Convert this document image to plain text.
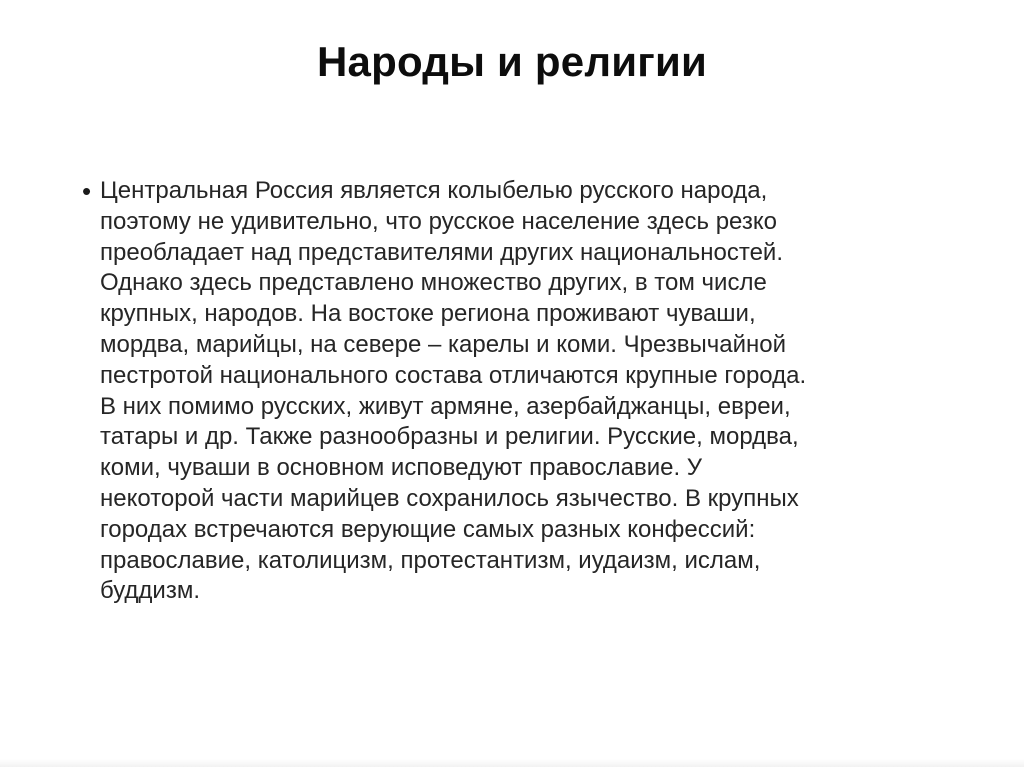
Народы и религии
• Центральная Россия является колыбелью русского народа,
поэтому не удивительно, что русское население здесь резко
преобладает над представителями других национальностей.
Однако здесь представлено множество других, в том числе
крупных, народов. На востоке региона проживают чуваши,
мордва, марийцы, на севере – карелы и коми. Чрезвычайной
пестротой национального состава отличаются крупные города.
В них помимо русских, живут армяне, азербайджанцы, евреи,
татары и др. Также разнообразны и религии. Русские, мордва,
коми, чуваши в основном исповедуют православие. У
некоторой части марийцев сохранилось язычество. В крупных
городах встречаются верующие самых разных конфессий:
православие, католицизм, протестантизм, иудаизм, ислам,
буддизм.
